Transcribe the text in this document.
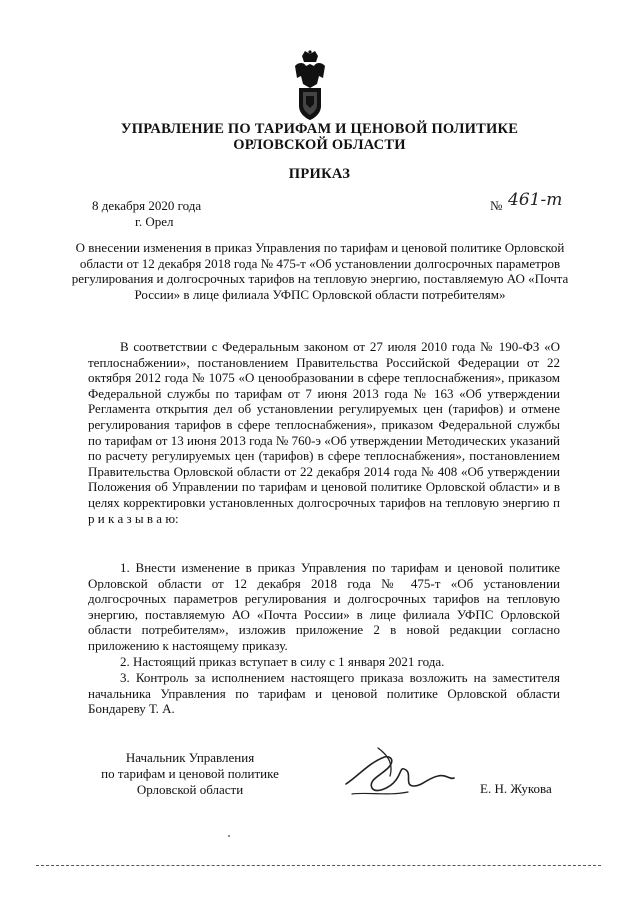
УПРАВЛЕНИЕ ПО ТАРИФАМ И ЦЕНОВОЙ ПОЛИТИКЕ
ОРЛОВСКОЙ ОБЛАСТИ
ПРИКАЗ
8 декабря 2020 года
г. Орел
№ 461-т
О внесении изменения в приказ Управления по тарифам и ценовой политике Орловской области от 12 декабря 2018 года № 475-т «Об установлении долгосрочных параметров регулирования и долгосрочных тарифов на тепловую энергию, поставляемую АО «Почта России» в лице филиала УФПС Орловской области потребителям»
В соответствии с Федеральным законом от 27 июля 2010 года № 190-ФЗ «О теплоснабжении», постановлением Правительства Российской Федерации от 22 октября 2012 года № 1075 «О ценообразовании в сфере теплоснабжения», приказом Федеральной службы по тарифам от 7 июня 2013 года № 163 «Об утверждении Регламента открытия дел об установлении регулируемых цен (тарифов) и отмене регулирования тарифов в сфере теплоснабжения», приказом Федеральной службы по тарифам от 13 июня 2013 года № 760-э «Об утверждении Методических указаний по расчету регулируемых цен (тарифов) в сфере теплоснабжения», постановлением Правительства Орловской области от 22 декабря 2014 года № 408 «Об утверждении Положения об Управлении по тарифам и ценовой политике Орловской области» и в целях корректировки установленных долгосрочных тарифов на тепловую энергию п р и к а з ы в а ю:
1. Внести изменение в приказ Управления по тарифам и ценовой политике Орловской области от 12 декабря 2018 года № 475-т «Об установлении долгосрочных параметров регулирования и долгосрочных тарифов на тепловую энергию, поставляемую АО «Почта России» в лице филиала УФПС Орловской области потребителям», изложив приложение 2 в новой редакции согласно приложению к настоящему приказу.
2. Настоящий приказ вступает в силу с 1 января 2021 года.
3. Контроль за исполнением настоящего приказа возложить на заместителя начальника Управления по тарифам и ценовой политике Орловской области Бондареву Т. А.
Начальник Управления
по тарифам и ценовой политике
Орловской области	Е. Н. Жукова
